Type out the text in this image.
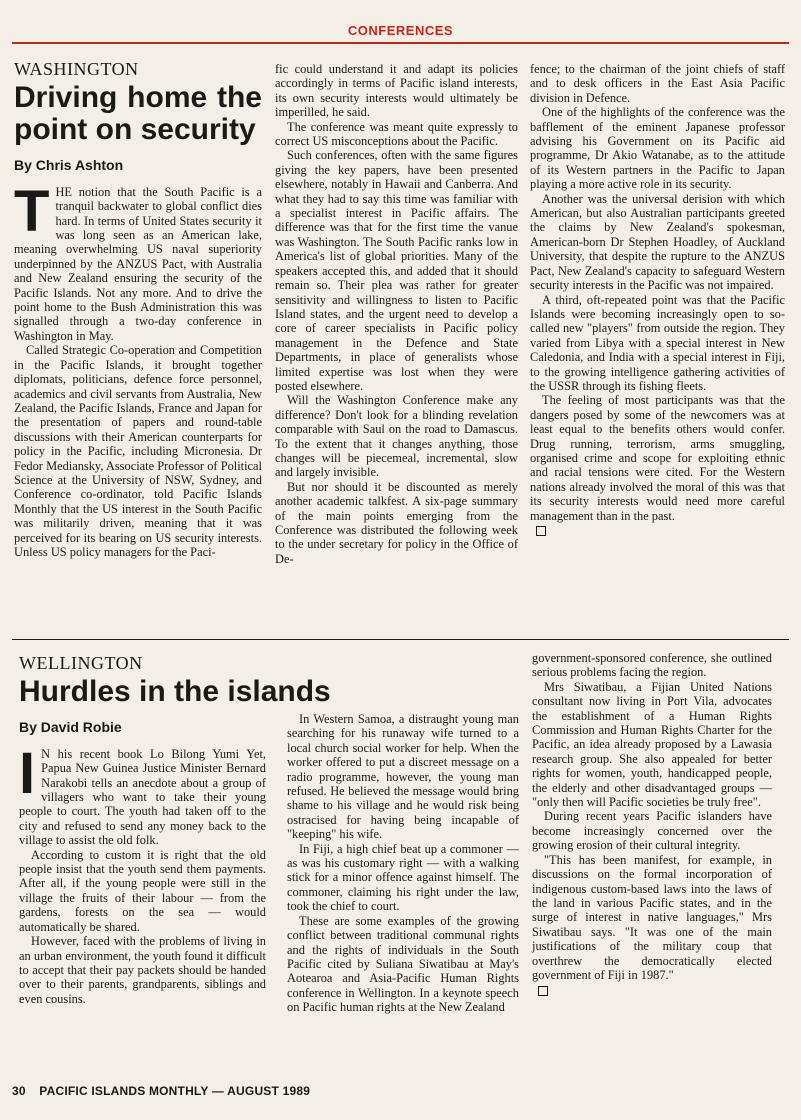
CONFERENCES
WASHINGTON
Driving home the point on security
By Chris Ashton
T HE notion that the South Pacific is a tranquil backwater to global conflict dies hard. In terms of United States security it was long seen as an American lake, meaning overwhelming US naval superiority underpinned by the ANZUS Pact, with Australia and New Zealand ensuring the security of the Pacific Islands. Not any more. And to drive the point home to the Bush Administration this was signalled through a two-day conference in Washington in May.

Called Strategic Co-operation and Competition in the Pacific Islands, it brought together diplomats, politicians, defence force personnel, academics and civil servants from Australia, New Zealand, the Pacific Islands, France and Japan for the presentation of papers and round-table discussions with their American counterparts for policy in the Pacific, including Micronesia. Dr Fedor Mediansky, Associate Professor of Political Science at the University of NSW, Sydney, and Conference co-ordinator, told Pacific Islands Monthly that the US interest in the South Pacific was militarily driven, meaning that it was perceived for its bearing on US security interests. Unless US policy managers for the Paci-

fic could understand it and adapt its policies accordingly in terms of Pacific island interests, its own security interests would ultimately be imperilled, he said.

The conference was meant quite expressly to correct US misconceptions about the Pacific.

Such conferences, often with the same figures giving the key papers, have been presented elsewhere, notably in Hawaii and Canberra. And what they had to say this time was familiar with a specialist interest in Pacific affairs. The difference was that for the first time the vanue was Washington. The South Pacific ranks low in America's list of global priorities. Many of the speakers accepted this, and added that it should remain so. Their plea was rather for greater sensitivity and willingness to listen to Pacific Island states, and the urgent need to develop a core of career specialists in Pacific policy management in the Defence and State Departments, in place of generalists whose limited expertise was lost when they were posted elsewhere.

Will the Washington Conference make any difference? Don't look for a blinding revelation comparable with Saul on the road to Damascus. To the extent that it changes anything, those changes will be piecemeal, incremental, slow and largely invisible.

But nor should it be discounted as merely another academic talkfest. A six-page summary of the main points emerging from the Conference was distributed the following week to the under secretary for policy in the Office of De-

fence; to the chairman of the joint chiefs of staff and to desk officers in the East Asia Pacific division in Defence.

One of the highlights of the conference was the bafflement of the eminent Japanese professor advising his Government on its Pacific aid programme, Dr Akio Watanabe, as to the attitude of its Western partners in the Pacific to Japan playing a more active role in its security.

Another was the universal derision with which American, but also Australian participants greeted the claims by New Zealand's spokesman, American-born Dr Stephen Hoadley, of Auckland University, that despite the rupture to the ANZUS Pact, New Zealand's capacity to safeguard Western security interests in the Pacific was not impaired.

A third, oft-repeated point was that the Pacific Islands were becoming increasingly open to so-called new "players" from outside the region. They varied from Libya with a special interest in New Caledonia, and India with a special interest in Fiji, to the growing intelligence gathering activities of the USSR through its fishing fleets.

The feeling of most participants was that the dangers posed by some of the newcomers was at least equal to the benefits others would confer. Drug running, terrorism, arms smuggling, organised crime and scope for exploiting ethnic and racial tensions were cited. For the Western nations already involved the moral of this was that its security interests would need more careful management than in the past.

WELLINGTON
Hurdles in the islands
By David Robie
I N his recent book Lo Bilong Yumi Yet, Papua New Guinea Justice Minister Bernard Narakobi tells an anecdote about a group of villagers who want to take their young people to court. The youth had taken off to the city and refused to send any money back to the village to assist the old folk.

According to custom it is right that the old people insist that the youth send them payments. After all, if the young people were still in the village the fruits of their labour — from the gardens, forests on the sea — would automatically be shared.

However, faced with the problems of living in an urban environment, the youth found it difficult to accept that their pay packets should be handed over to their parents, grandparents, siblings and even cousins.

In Western Samoa, a distraught young man searching for his runaway wife turned to a local church social worker for help. When the worker offered to put a discreet message on a radio programme, however, the young man refused. He believed the message would bring shame to his village and he would risk being ostracised for having being incapable of "keeping" his wife.

In Fiji, a high chief beat up a commoner — as was his customary right — with a walking stick for a minor offence against himself. The commoner, claiming his right under the law, took the chief to court.

These are some examples of the growing conflict between traditional communal rights and the rights of individuals in the South Pacific cited by Suliana Siwatibau at May's Aotearoa and Asia-Pacific Human Rights conference in Wellington. In a keynote speech on Pacific human rights at the New Zealand

government-sponsored conference, she outlined serious problems facing the region.

Mrs Siwatibau, a Fijian United Nations consultant now living in Port Vila, advocates the establishment of a Human Rights Commission and Human Rights Charter for the Pacific, an idea already proposed by a Lawasia research group. She also appealed for better rights for women, youth, handicapped people, the elderly and other disadvantaged groups — "only then will Pacific societies be truly free".

During recent years Pacific islanders have become increasingly concerned over the growing erosion of their cultural integrity.

"This has been manifest, for example, in discussions on the formal incorporation of indigenous custom-based laws into the laws of the land in various Pacific states, and in the surge of interest in native languages," Mrs Siwatibau says. "It was one of the main justifications of the military coup that overthrew the democratically elected government of Fiji in 1987."

30 PACIFIC ISLANDS MONTHLY — AUGUST 1989
